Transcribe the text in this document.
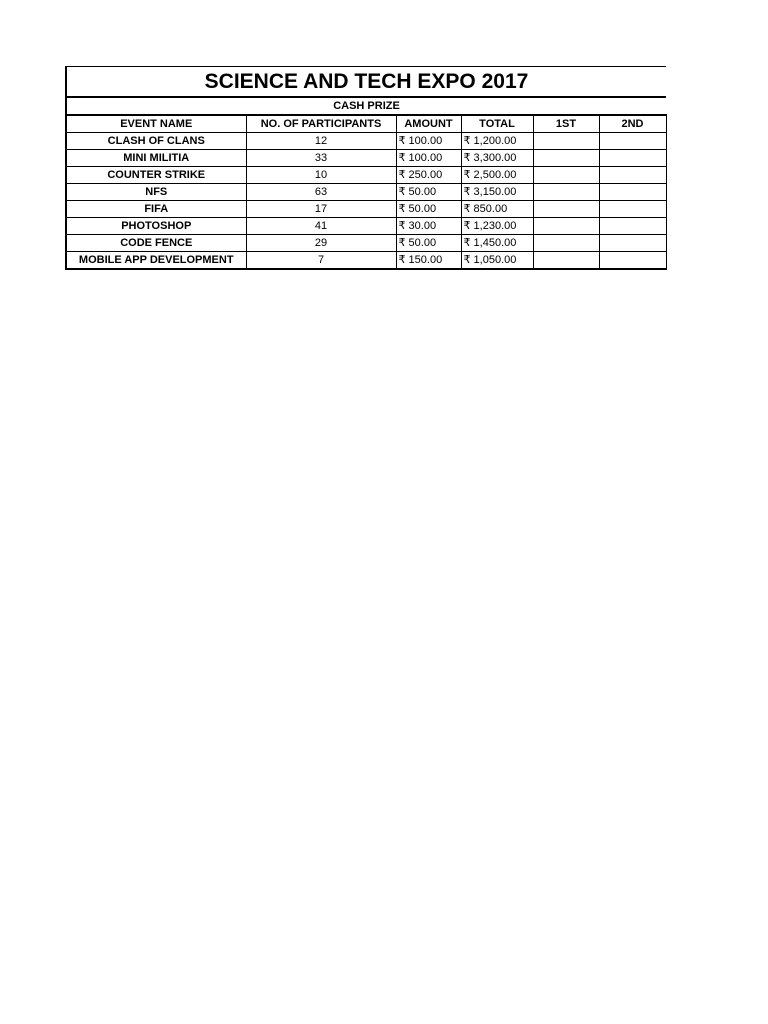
SCIENCE AND TECH EXPO 2017					
CASH PRIZE					
EVENT NAME	NO. OF PARTICIPANTS	AMOUNT	TOTAL	1ST	2ND
CLASH OF CLANS	12	₹ 100.00	₹ 1,200.00		
MINI MILITIA	33	₹ 100.00	₹ 3,300.00		
COUNTER STRIKE	10	₹ 250.00	₹ 2,500.00		
NFS	63	₹ 50.00	₹ 3,150.00		
FIFA	17	₹ 50.00	₹ 850.00		
PHOTOSHOP	41	₹ 30.00	₹ 1,230.00		
CODE FENCE	29	₹ 50.00	₹ 1,450.00		
MOBILE APP DEVELOPMENT	7	₹ 150.00	₹ 1,050.00		
